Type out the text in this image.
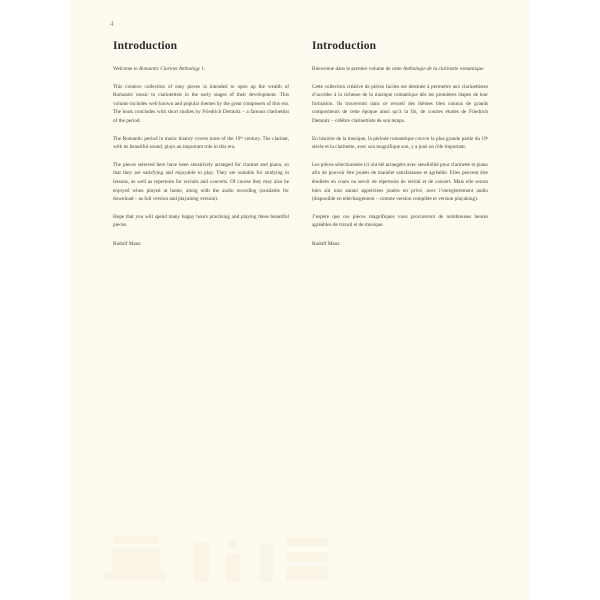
4
Introduction

Welcome to Romantic Clarinet Anthology 1.

This creative collection of easy pieces is intended to open up the wealth of Romantic music to clarinettists in the early stages of their development. This volume includes well known and popular themes by the great composers of this era. The book concludes with short studies by Friedrich Demnitz – a famous clarinettist of the period.

The Romantic period in music history covers most of the 19ᵗʰ century. The clarinet, with its beautiful sound, plays an important role in this era.

The pieces selected here have been sensitively arranged for clarinet and piano, so that they are satisfying and enjoyable to play. They are suitable for studying in lessons, as well as repertoire for recitals and concerts. Of course they may also be enjoyed when played at home, along with the audio recording (available for download – as full version and playalong version).

Hope that you will spend many happy hours practising and playing these beautiful pieces.

Rudolf Mauz

Introduction

Bienvenue dans le premier volume de cette Anthologie de la clarinette romantique.

Cette collection créative de pièces faciles est destinée à permettre aux clarinettistes d’accéder à la richesse de la musique romantique dès les premières étapes de leur formation. Ils trouveront dans ce recueil des thèmes bien connus de grands compositeurs de cette époque ainsi qu’à la fin, de courtes études de Friedrich Demnitz – célèbre clarinettiste de son temps.

En histoire de la musique, la période romantique couvre la plus grande partie du 19ᵉ siècle et la clarinette, avec son magnifique son, y a joué un rôle important.

Les pièces sélectionnées ici ont été arrangées avec sensibilité pour clarinette et piano afin de pouvoir être jouées de manière satisfaisante et agréable. Elles peuvent être étudiées en cours ou servir de répertoire de récital et de concert. Mais elle seront bien sûr tout autant appréciées jouées en privé, avec l’enregistrement audio (disponible en téléchargement – comme version complète et version playalong).

J’espère que ces pièces magnifiques vous procureront de nombreuses heures agréables de travail et de musique.

Rudolf Mauz
